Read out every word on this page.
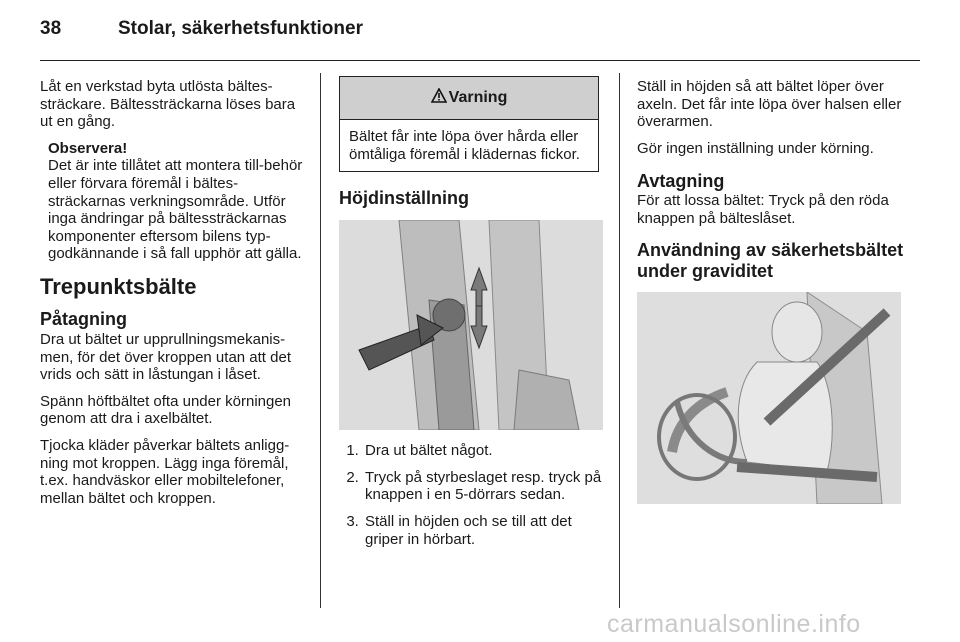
38	Stolar, säkerhetsfunktioner

Låt en verkstad byta utlösta bältes-sträckare. Bältessträckarna löses bara ut en gång.

Observera!
Det är inte tillåtet att montera till-behör eller förvara föremål i bältes-sträckarnas verkningsområde. Utför inga ändringar på bältessträckarnas komponenter eftersom bilens typ-godkännande i så fall upphör att gälla.
Trepunktsbälte
Påtagning

Dra ut bältet ur upprullningsmekanis-men, för det över kroppen utan att det vrids och sätt in låstungan i låset.

Spänn höftbältet ofta under körningen genom att dra i axelbältet.

Tjocka kläder påverkar bältets anligg-ning mot kroppen. Lägg inga föremål, t.ex. handväskor eller mobiltelefoner, mellan bältet och kroppen.

Varning
Bältet får inte löpa över hårda eller ömtåliga föremål i klädernas fickor.
Höjdinställning
1. Dra ut bältet något.
2. Tryck på styrbeslaget resp. tryck på knappen i en 5-dörrars sedan.
3. Ställ in höjden och se till att det griper in hörbart.

Ställ in höjden så att bältet löper över axeln. Det får inte löpa över halsen eller överarmen.

Gör ingen inställning under körning.

Avtagning

För att lossa bältet: Tryck på den röda knappen på bälteslåset.

Användning av säkerhetsbältet under graviditet
carmanualsonline.info
